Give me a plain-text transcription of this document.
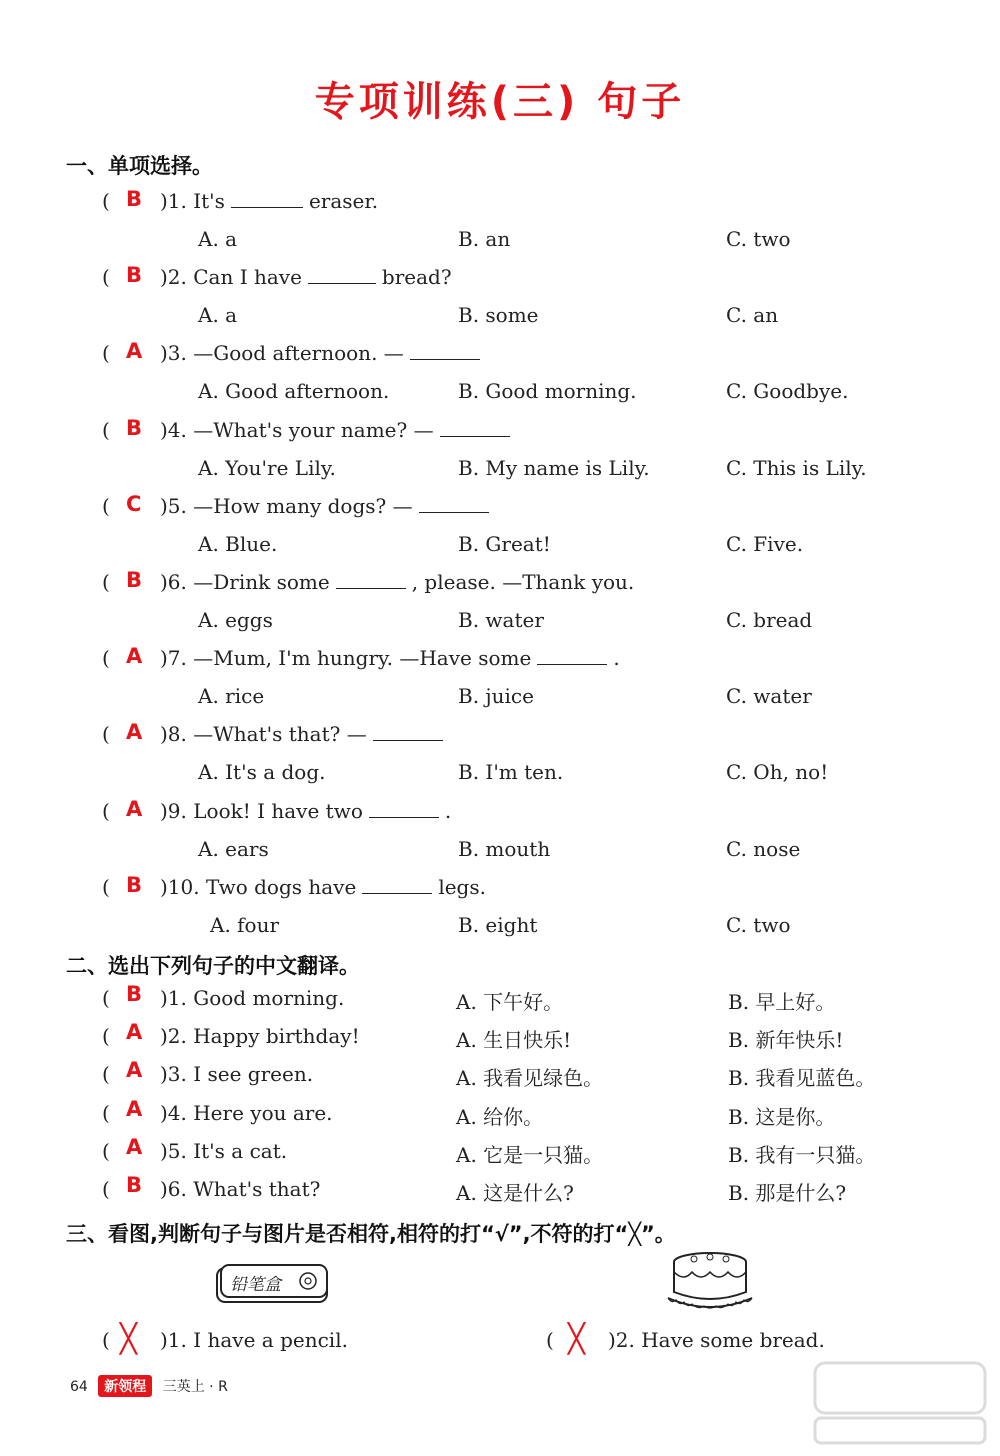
专项训练(三) 句子
一、单项选择。
( B )1. It's	eraser.
A. a	B. an	C. two
( B )2. Can I have	bread?
A. a	B. some	C. an
( A )3. —Good afternoon. —
A. Good afternoon.	B. Good morning.	C. Goodbye.
( B )4. —What's your name? —
A. You're Lily.	B. My name is Lily.	C. This is Lily.
( C )5. —How many dogs? —
A. Blue.	B. Great!	C. Five.
( B )6. —Drink some	, please. —Thank you.
A. eggs	B. water	C. bread
( A )7. —Mum, I'm hungry. —Have some	.
A. rice	B. juice	C. water
( A )8. —What's that? —
A. It's a dog.	B. I'm ten.	C. Oh, no!
( A )9. Look! I have two	.
A. ears	B. mouth	C. nose
( B )10. Two dogs have	legs.
A. four	B. eight	C. two
二、选出下列句子的中文翻译。
( B )1. Good morning.	A. 下午好。	B. 早上好。
( A )2. Happy birthday!	A. 生日快乐!	B. 新年快乐!
( A )3. I see green.	A. 我看见绿色。	B. 我看见蓝色。
( A )4. Here you are.	A. 给你。	B. 这是你。
( A )5. It's a cat.	A. 它是一只猫。	B. 我有一只猫。
( B )6. What's that?	A. 这是什么?	B. 那是什么?
三、看图,判断句子与图片是否相符,相符的打“√”,不符的打“╳”。
铅笔盒
( ╳ )1. I have a pencil.	( ╳ )2. Have some bread.
64 新领程 三英上 · R
